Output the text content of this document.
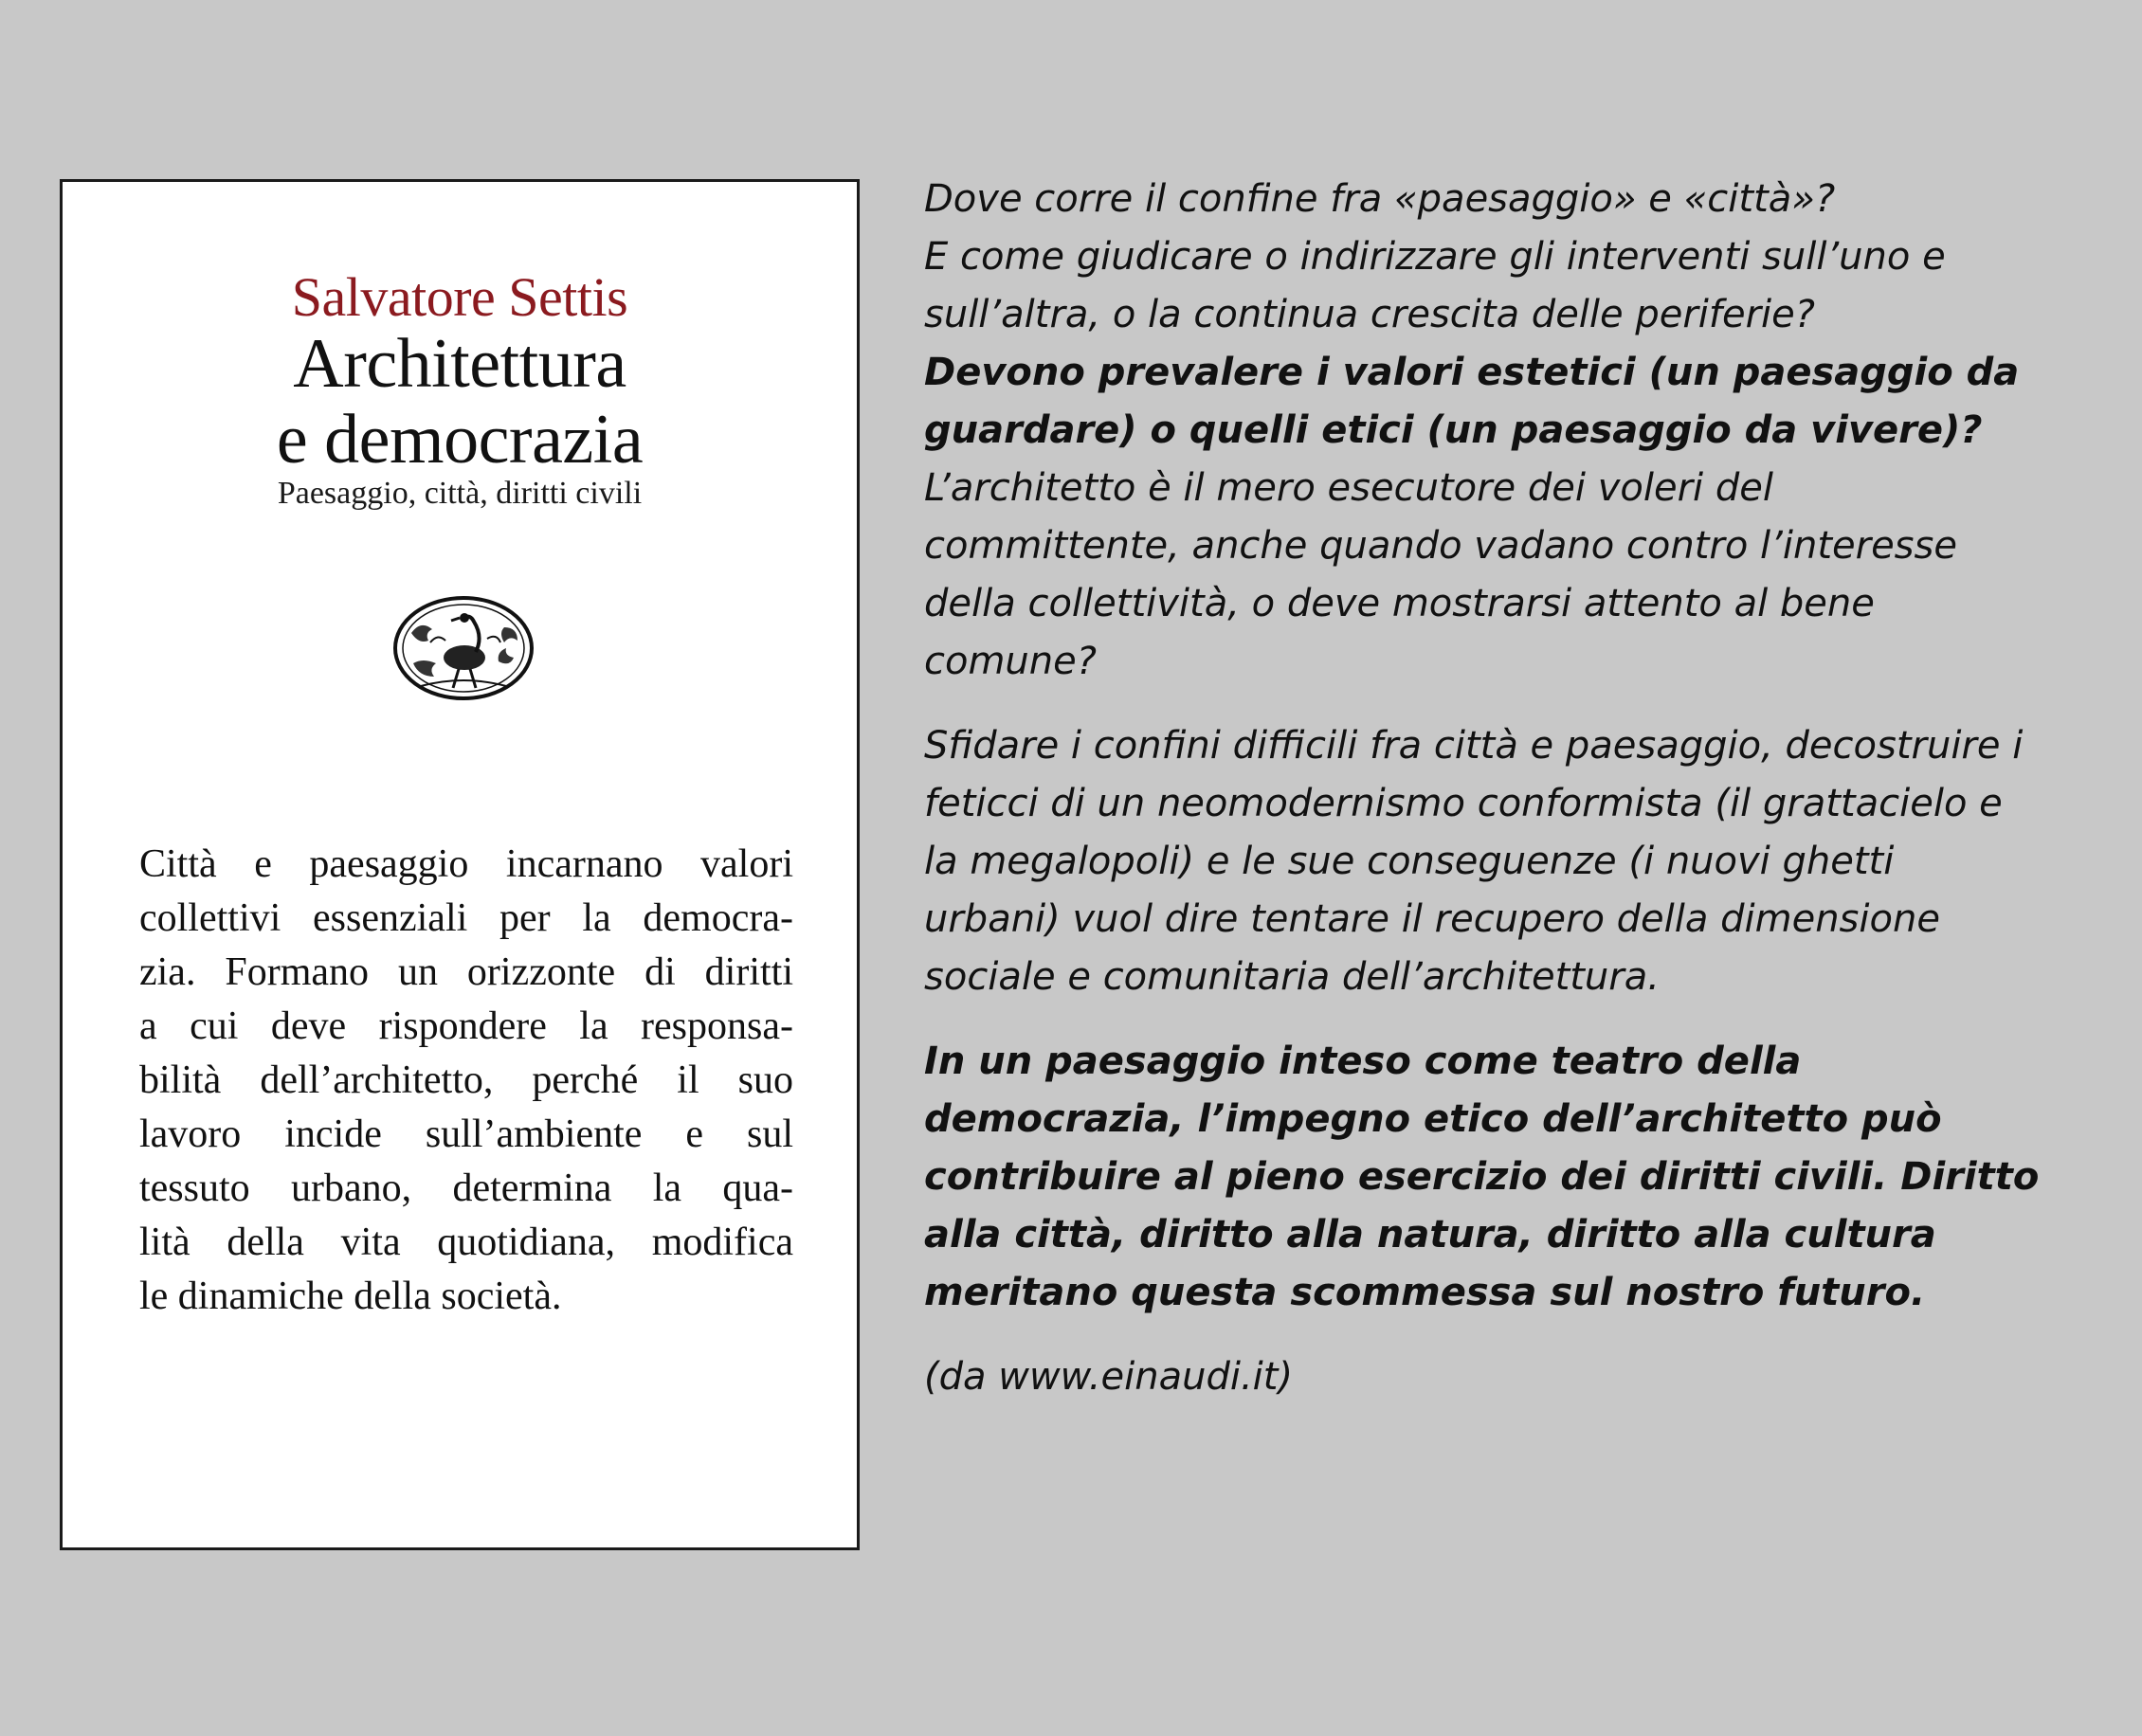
Salvatore Settis
Architettura
e democrazia
Paesaggio, città, diritti civili
Città e paesaggio incarnano valori
collettivi essenziali per la democra-
zia. Formano un orizzonte di diritti
a cui deve rispondere la responsa-
bilità dell’architetto, perché il suo
lavoro incide sull’ambiente e sul
tessuto urbano, determina la qua-
lità della vita quotidiana, modifica
le dinamiche della società.

Dove corre il confine fra «paesaggio» e «città»?
E come giudicare o indirizzare gli interventi sull’uno e
sull’altra, o la continua crescita delle periferie?
Devono prevalere i valori estetici (un paesaggio da
guardare) o quelli etici (un paesaggio da vivere)?
L’architetto è il mero esecutore dei voleri del
committente, anche quando vadano contro l’interesse
della collettività, o deve mostrarsi attento al bene
comune?

Sfidare i confini difficili fra città e paesaggio, decostruire i
feticci di un neomodernismo conformista (il grattacielo e
la megalopoli) e le sue conseguenze (i nuovi ghetti
urbani) vuol dire tentare il recupero della dimensione
sociale e comunitaria dell’architettura.

In un paesaggio inteso come teatro della
democrazia, l’impegno etico dell’architetto può
contribuire al pieno esercizio dei diritti civili. Diritto
alla città, diritto alla natura, diritto alla cultura
meritano questa scommessa sul nostro futuro.

(da www.einaudi.it)
